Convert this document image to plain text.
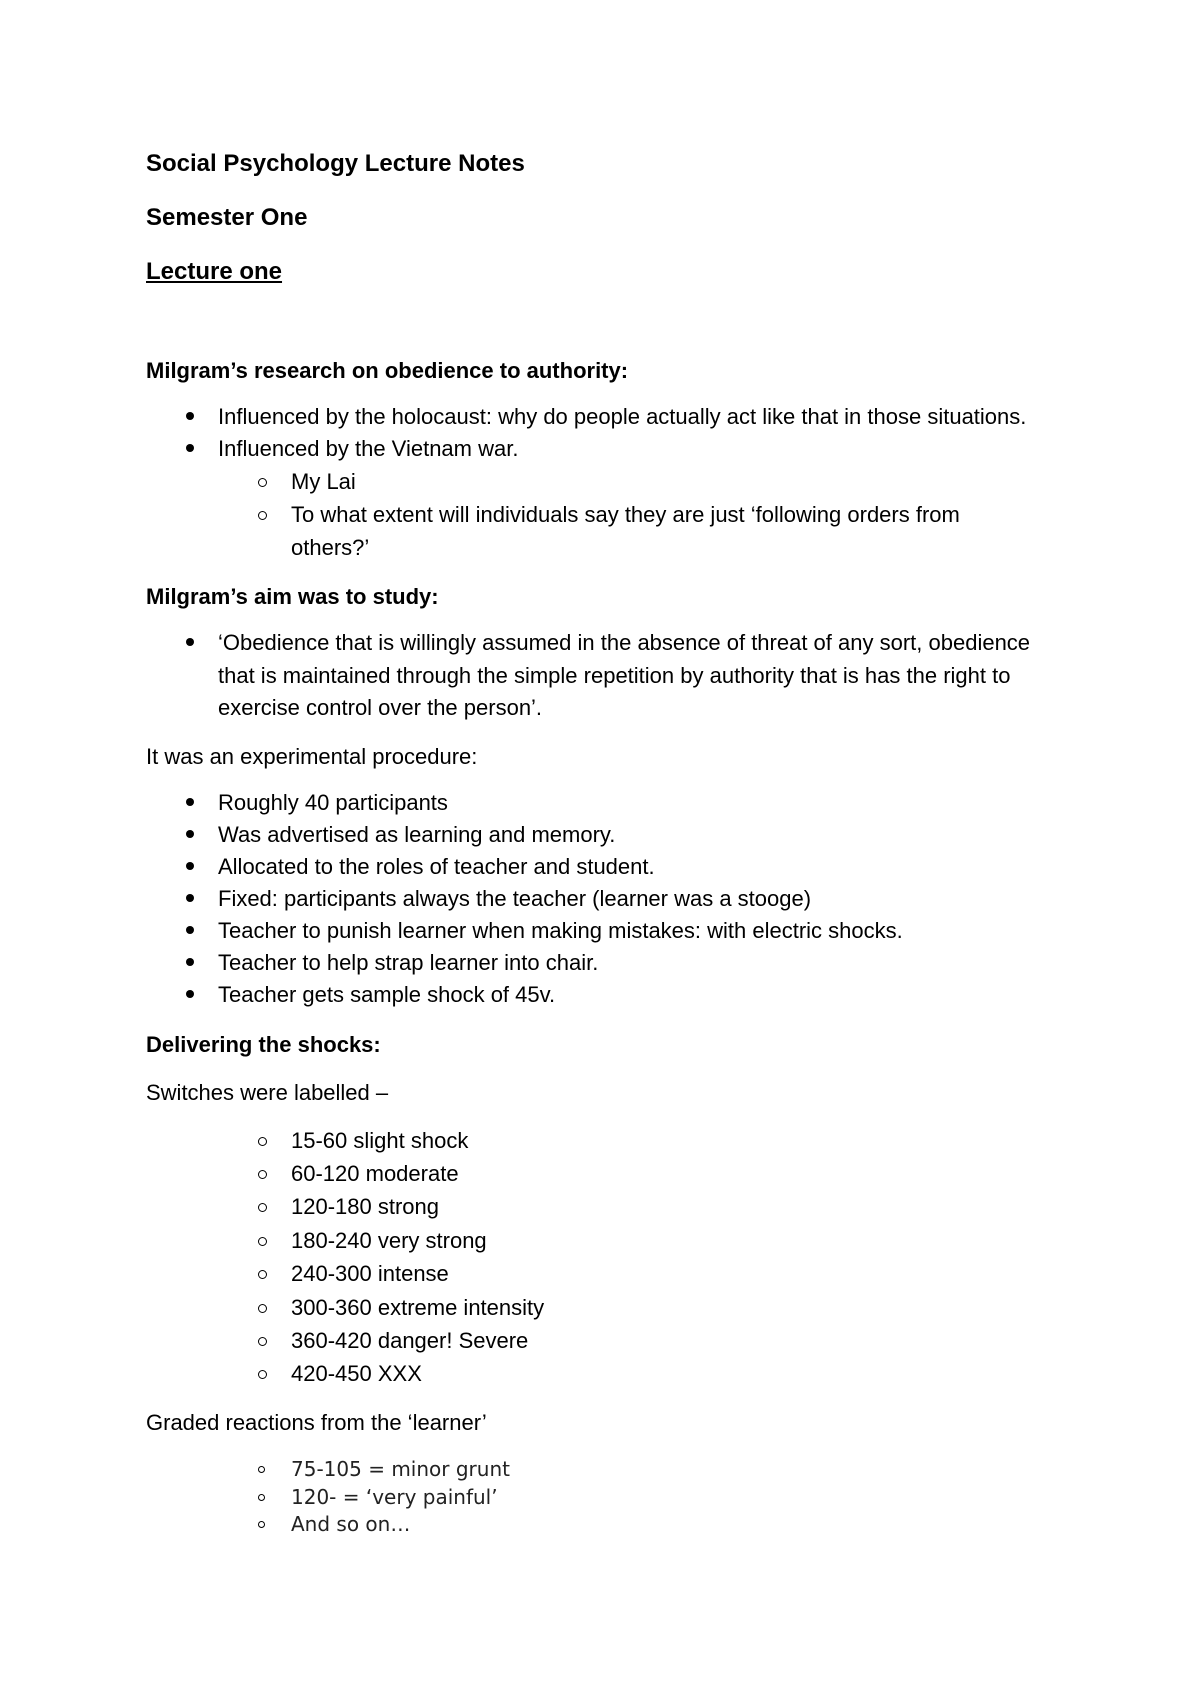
Social Psychology Lecture Notes
Semester One
Lecture one
Milgram’s research on obedience to authority:
Influenced by the holocaust: why do people actually act like that in those situations.
Influenced by the Vietnam war.
My Lai
To what extent will individuals say they are just ‘following orders from
others?’
Milgram’s aim was to study:
‘Obedience that is willingly assumed in the absence of threat of any sort, obedience
that is maintained through the simple repetition by authority that is has the right to
exercise control over the person’.
It was an experimental procedure:
Roughly 40 participants
Was advertised as learning and memory.
Allocated to the roles of teacher and student.
Fixed: participants always the teacher (learner was a stooge)
Teacher to punish learner when making mistakes: with electric shocks.
Teacher to help strap learner into chair.
Teacher gets sample shock of 45v.
Delivering the shocks:
Switches were labelled –
15-60 slight shock
60-120 moderate
120-180 strong
180-240 very strong
240-300 intense
300-360 extreme intensity
360-420 danger! Severe
420-450 XXX
Graded reactions from the ‘learner’
75-105 = minor grunt
120- = ‘very painful’
And so on…
